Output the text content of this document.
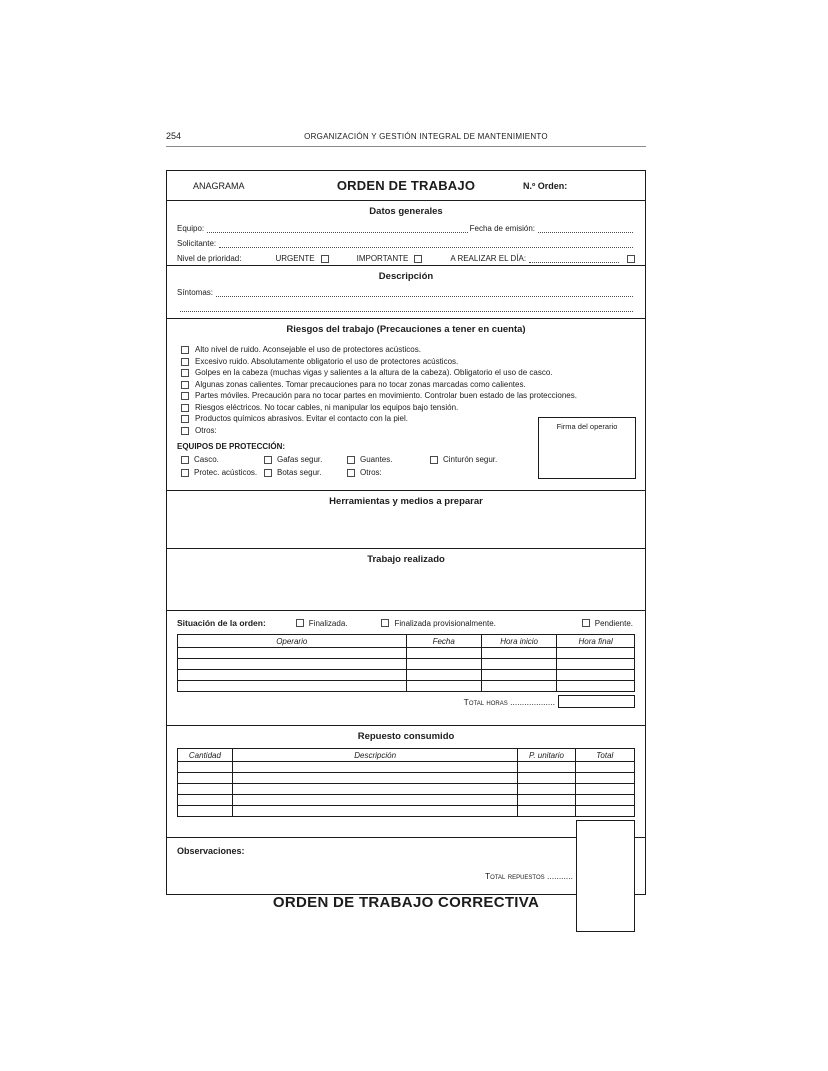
254	ORGANIZACIÓN Y GESTIÓN INTEGRAL DE MANTENIMIENTO
ANAGRAMA	ORDEN DE TRABAJO	N.º Orden:
Datos generales
Equipo:	Fecha de emisión:
Solicitante:
Nivel de prioridad:	URGENTE	IMPORTANTE	A REALIZAR EL DÍA:
Descripción
Síntomas:
Riesgos del trabajo (Precauciones a tener en cuenta)
Alto nivel de ruido. Aconsejable el uso de protectores acústicos.
Excesivo ruido. Absolutamente obligatorio el uso de protectores acústicos.
Golpes en la cabeza (muchas vigas y salientes a la altura de la cabeza). Obligatorio el uso de casco.
Algunas zonas calientes. Tomar precauciones para no tocar zonas marcadas como calientes.
Partes móviles. Precaución para no tocar partes en movimiento. Controlar buen estado de las protecciones.
Riesgos eléctricos. No tocar cables, ni manipular los equipos bajo tensión.
Productos químicos abrasivos. Evitar el contacto con la piel.
Otros:	Firma del operario
EQUIPOS DE PROTECCIÓN:
Casco.	Gafas segur.	Guantes.	Cinturón segur.
Protec. acústicos. Botas segur.	Otros:
Herramientas y medios a preparar
Trabajo realizado
Situación de la orden:	Finalizada.	Finalizada provisionalmente.	Pendiente.
Operario	Fecha	Hora inicio	Hora final

Total horas ...................
Repuesto consumido
Cantidad	Descripción	P. unitario	Total

Total repuestos ...........
Observaciones:
ORDEN DE TRABAJO CORRECTIVA
